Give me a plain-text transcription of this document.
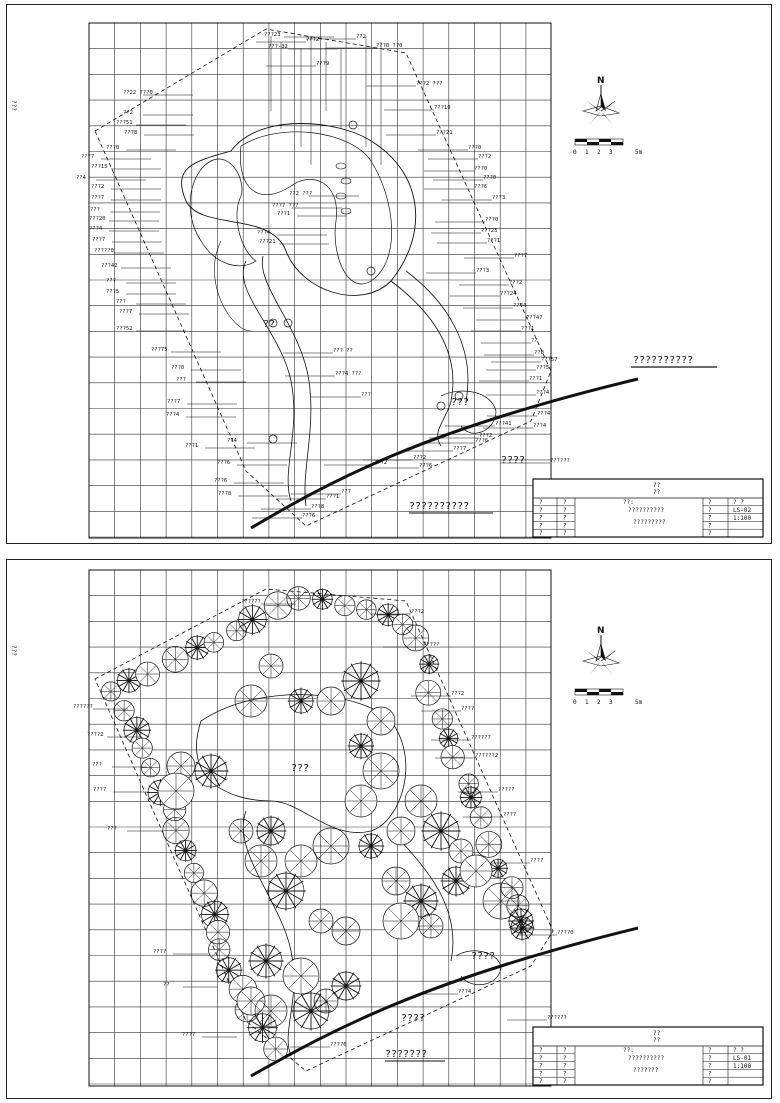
???23
???2	??2
???0 ??0
???-32
???9
??22 ???0
???2 ???
??2
???51
???10
???8	???21
???0	???0
???7	???2
???15	???0
??4	???0
???2	???6
??2 ???
???7	???3
???
???7 ???
???20
???1
???0
???4
???4	???25
???7	???21	???1
?????0
???7
???42
???3
???	???2
???5	???24
???
???4
???7
???47
???52	???1
??
??? ??
???75	??8
???57
???4 ???
???0	???5
???	???1
???	???4
???7
???4
???4
???41	???4
???2
???6
???7
???1
??4
???2
???6
???2
???6
???6
???0	???
???1
???8
???6
??????
??????????
??????????
??
????
???
N
0 1 2 3	5m
??
??
?	?	?
?	?	?
?	?	?
?	?	?
?	?	?
??:
??????????
?????????
? ?
LS-02
1:100
???
??????
???2
?????
???2
????
??????
????2	??????
??????2
???
?????
????
????
???
????
????0
????
??
???4
????
????6
??????
???????
???
????
????
N
0 1 2 3	5m
??
??
?	?	?
?	?	?
?	?	?
?	?	?
?	?	?
??:
??????????
???????
? ?
LS-01
1:100
???
